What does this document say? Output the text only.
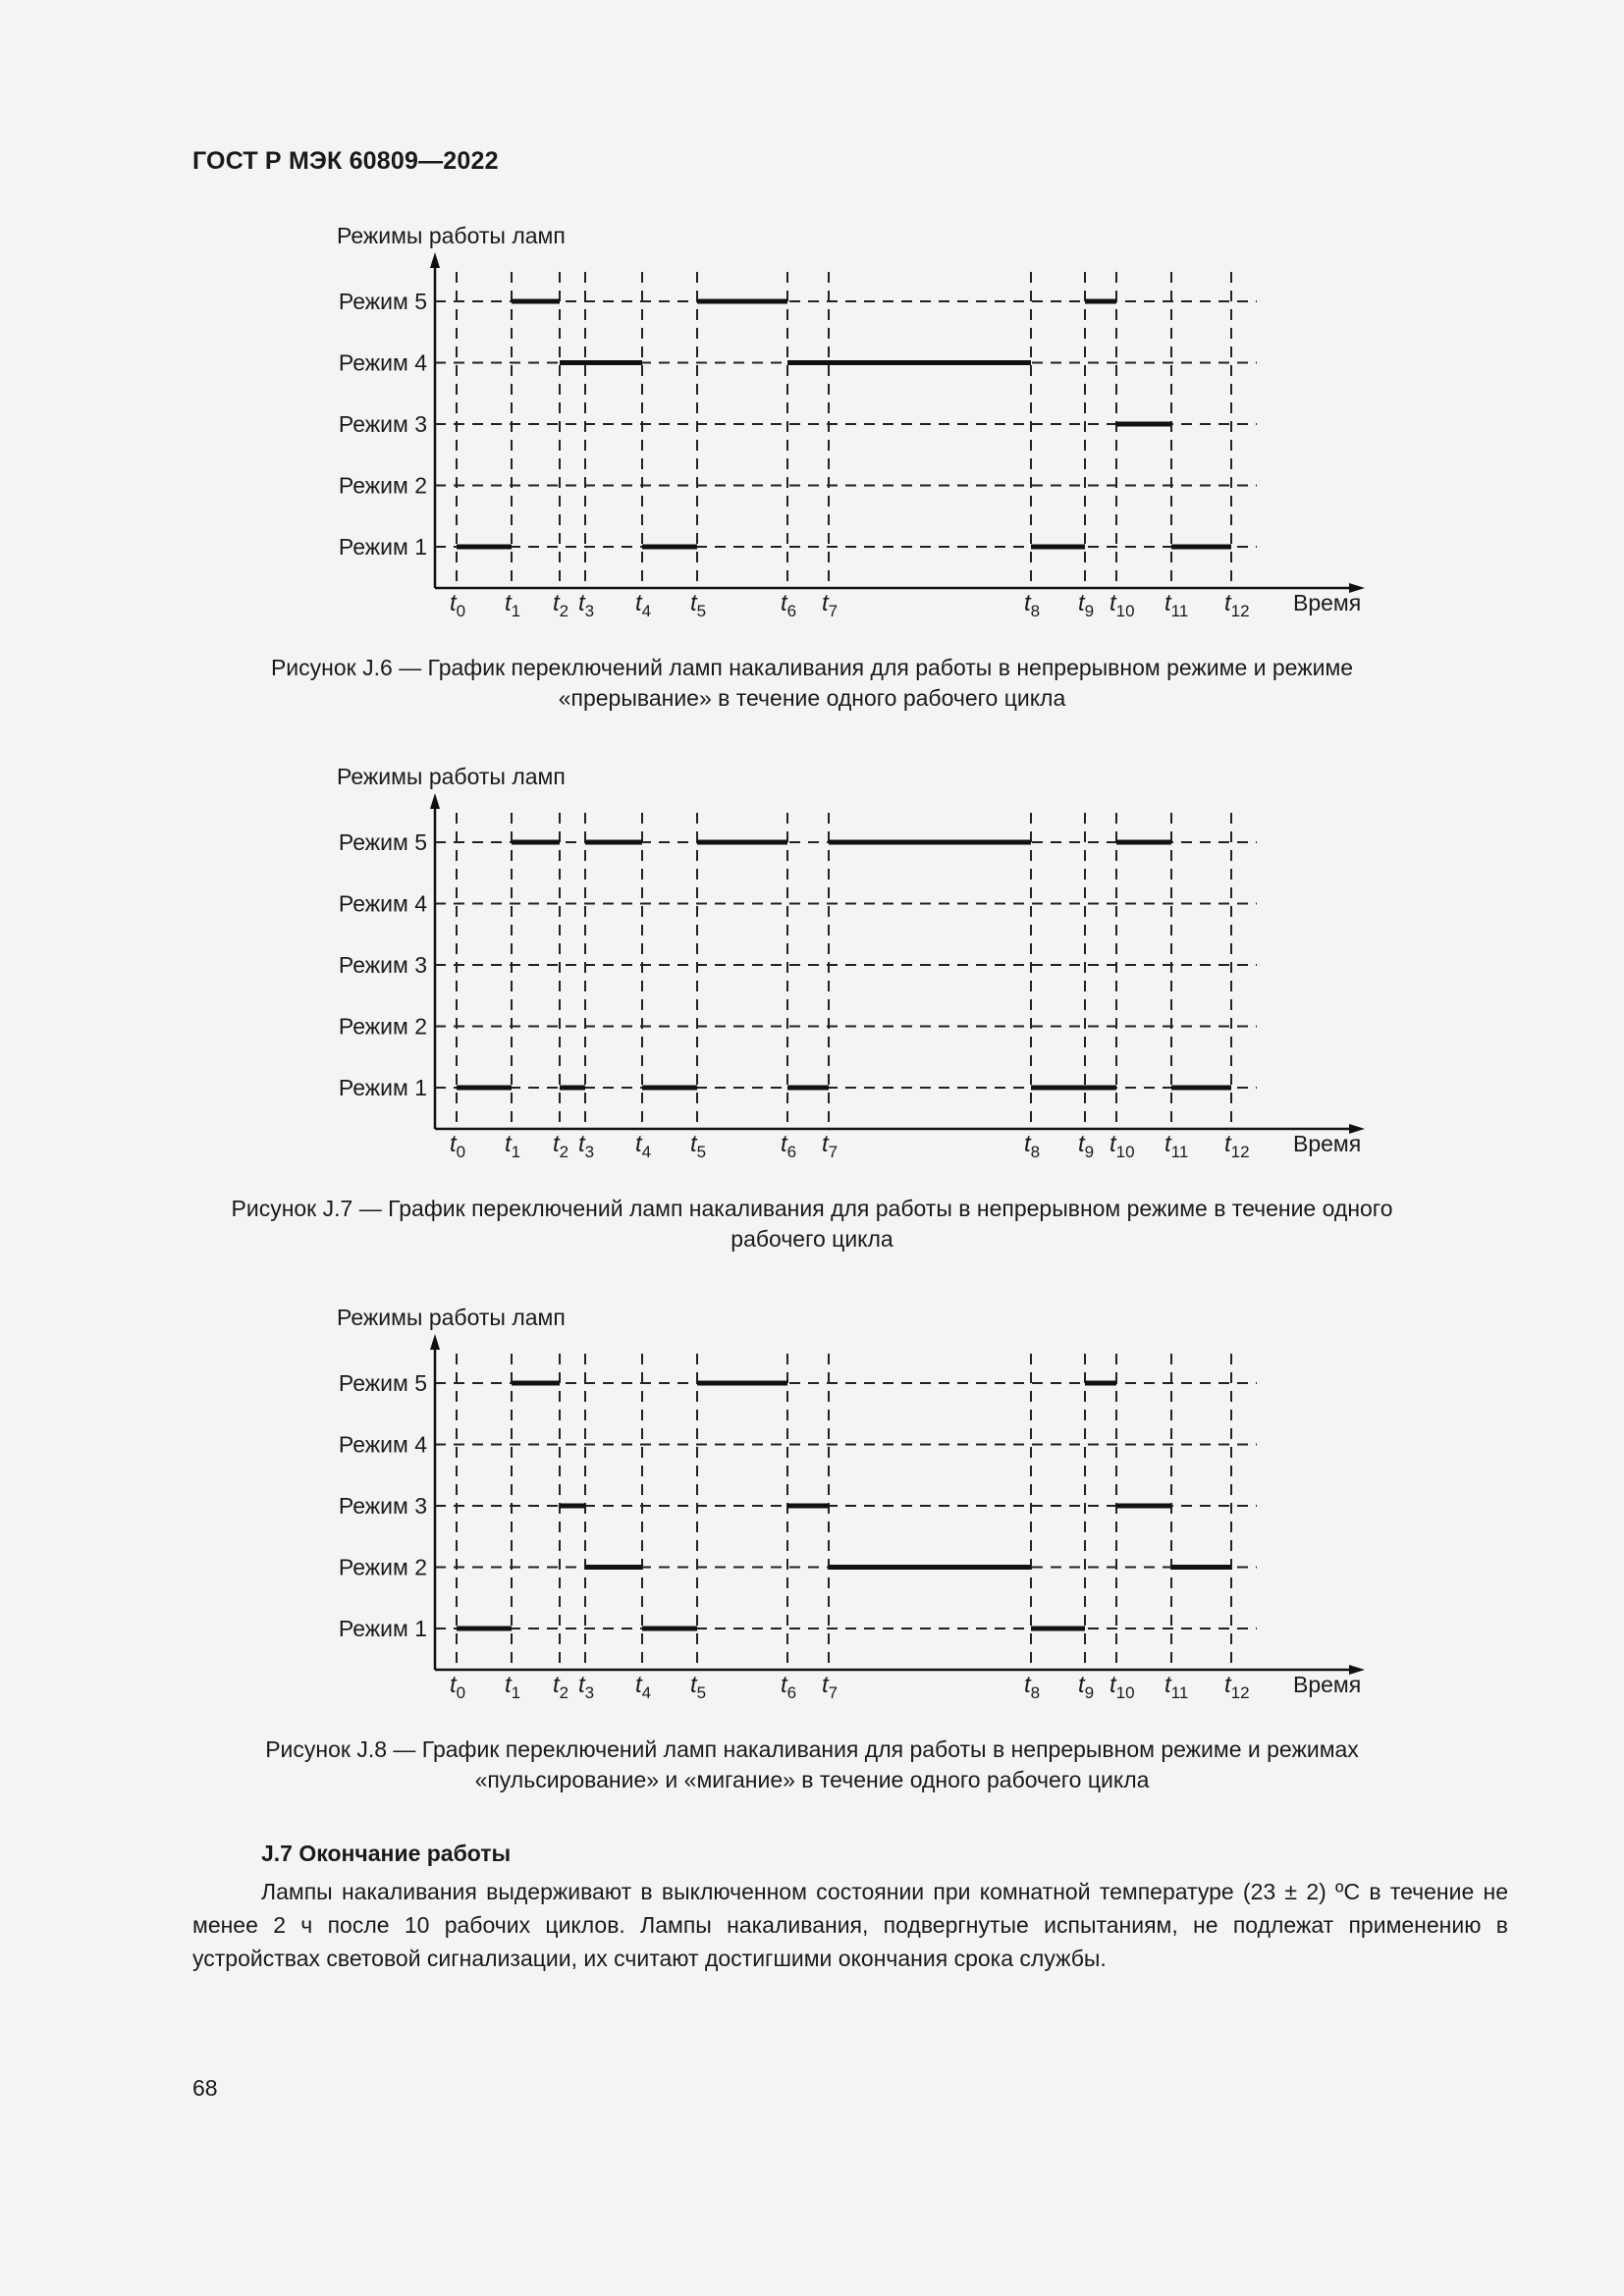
ГОСТ Р МЭК 60809—2022
Режимы работы ламп
Режим 1
Режим 2
Режим 3
Режим 4
Режим 5
$t_0$ $t_1$ $t_2$ $t_3$ $t_4$ $t_5$	$t_6$ $t_7$	$t_8$ $t_9$ $t_{10}$ $t_{11}$ $t_{12}$ Время
Рисунок J.6 — График переключений ламп накаливания для работы в непрерывном режиме и режиме
«прерывание» в течение одного рабочего цикла
Режимы работы ламп
Режим 1
Режим 2
Режим 3
Режим 4
Режим 5
$t_0$ $t_1$ $t_2$ $t_3$ $t_4$ $t_5$	$t_6$ $t_7$	$t_8$ $t_9$ $t_{10}$ $t_{11}$ $t_{12}$ Время
Рисунок J.7 — График переключений ламп накаливания для работы в непрерывном режиме в течение одного
рабочего цикла
Режимы работы ламп
Режим 1
Режим 2
Режим 3
Режим 4
Режим 5
$t_0$ $t_1$ $t_2$ $t_3$ $t_4$ $t_5$	$t_6$ $t_7$	$t_8$ $t_9$ $t_{10}$ $t_{11}$ $t_{12}$ Время
Рисунок J.8 — График переключений ламп накаливания для работы в непрерывном режиме и режимах
«пульсирование» и «мигание» в течение одного рабочего цикла
J.7 Окончание работы

Лампы накаливания выдерживают в выключенном состоянии при комнатной температуре (23 ± 2) ºС в течение не менее 2 ч после 10 рабочих циклов. Лампы накаливания, подвергнутые испытаниям, не подлежат применению в устройствах световой сигнализации, их считают достигшими окончания срока службы.

68
